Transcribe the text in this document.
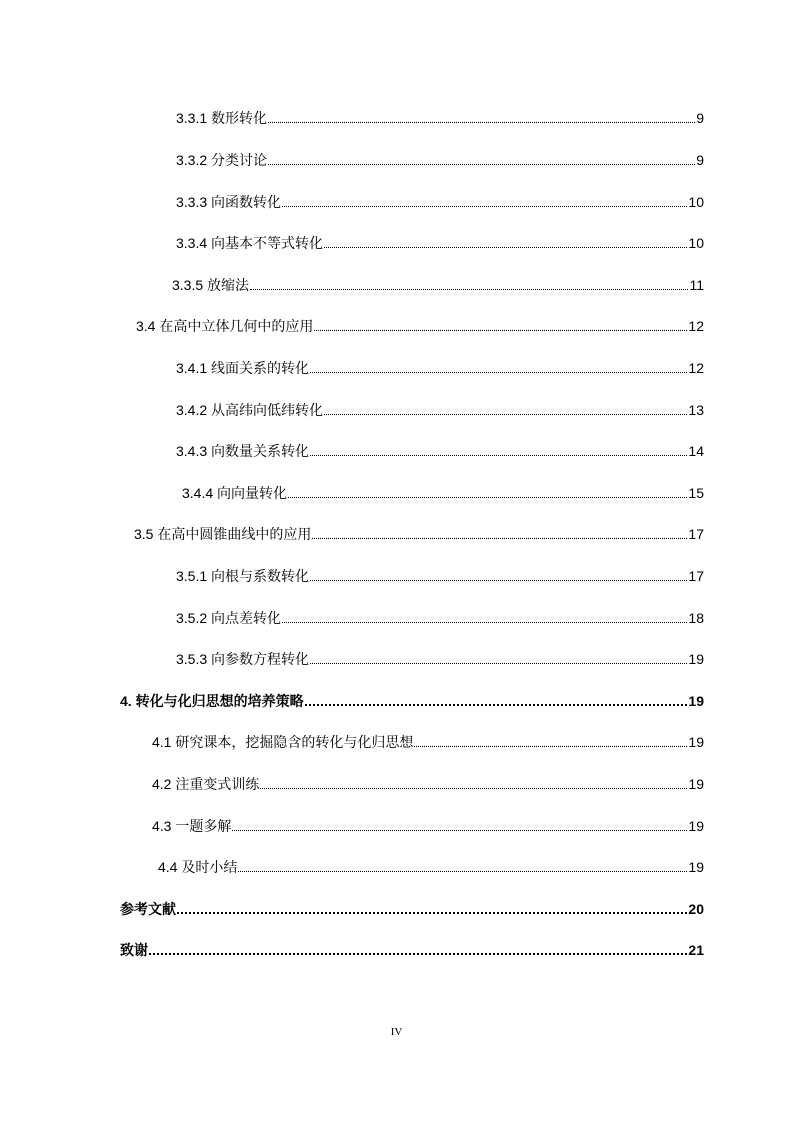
3.3.1 数形转化	9
3.3.2 分类讨论	9
3.3.3 向函数转化	10
3.3.4 向基本不等式转化	10
3.3.5 放缩法	11
3.4 在高中立体几何中的应用	12
3.4.1 线面关系的转化	12
3.4.2 从高纬向低纬转化	13
3.4.3 向数量关系转化	14
3.4.4 向向量转化	15
3.5 在高中圆锥曲线中的应用	17
3.5.1 向根与系数转化	17
3.5.2 向点差转化	18
3.5.3 向参数方程转化	19
4. 转化与化归思想的培养策略	19
4.1 研究课本，挖掘隐含的转化与化归思想	19
4.2 注重变式训练	19
4.3 一题多解	19
4.4 及时小结	19
参考文献	20
致谢	21
IV
